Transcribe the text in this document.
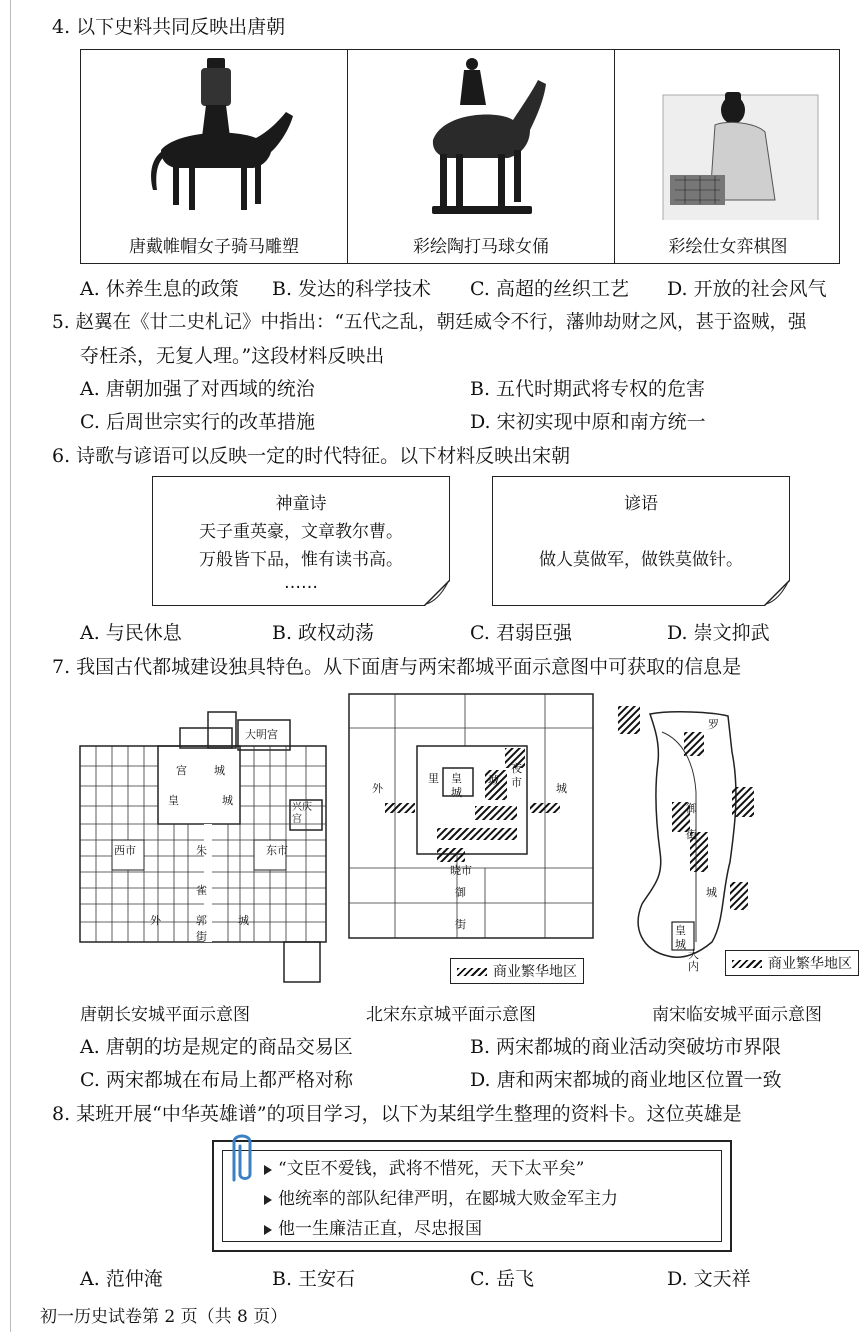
4. 以下史料共同反映出唐朝
唐戴帷帽女子骑马雕塑	彩绘陶打马球女俑	彩绘仕女弈棋图
A. 休养生息的政策 B. 发达的科学技术 C. 高超的丝织工艺 D. 开放的社会风气
5. 赵翼在《廿二史札记》中指出：“五代之乱，朝廷威令不行，藩帅劫财之风，甚于盗贼，强
夺枉杀，无复人理。”这段材料反映出
A. 唐朝加强了对西域的统治	B. 五代时期武将专权的危害
C. 后周世宗实行的改革措施	D. 宋初实现中原和南方统一
6. 诗歌与谚语可以反映一定的时代特征。以下材料反映出宋朝
神童诗
天子重英豪，文章教尔曹。
万般皆下品，惟有读书高。
……
谚语
做人莫做军，做铁莫做针。
A. 与民休息	B. 政权动荡	C. 君弱臣强	D. 崇文抑武
7. 我国古代都城建设独具特色。从下面唐与两宋都城平面示意图中可获取的信息是
大明宫
宫 城
皇	城
兴庆宫
西市	东市
朱
雀
外	郭	城
街
唐朝长安城平面示意图
外
里 皇
城
夜
市	城
城
晓市
御
街
商业繁华地区
北宋东京城平面示意图
罗
御
街
城
皇
城
大
内	商业繁华地区
南宋临安城平面示意图
A. 唐朝的坊是规定的商品交易区	B. 两宋都城的商业活动突破坊市界限
C. 两宋都城在布局上都严格对称	D. 唐和两宋都城的商业地区位置一致
8. 某班开展“中华英雄谱”的项目学习，以下为某组学生整理的资料卡。这位英雄是
“文臣不爱钱，武将不惜死，天下太平矣”
他统率的部队纪律严明，在郾城大败金军主力
他一生廉洁正直，尽忠报国
A. 范仲淹	B. 王安石	C. 岳飞	D. 文天祥
初一历史试卷第 2 页（共 8 页）
